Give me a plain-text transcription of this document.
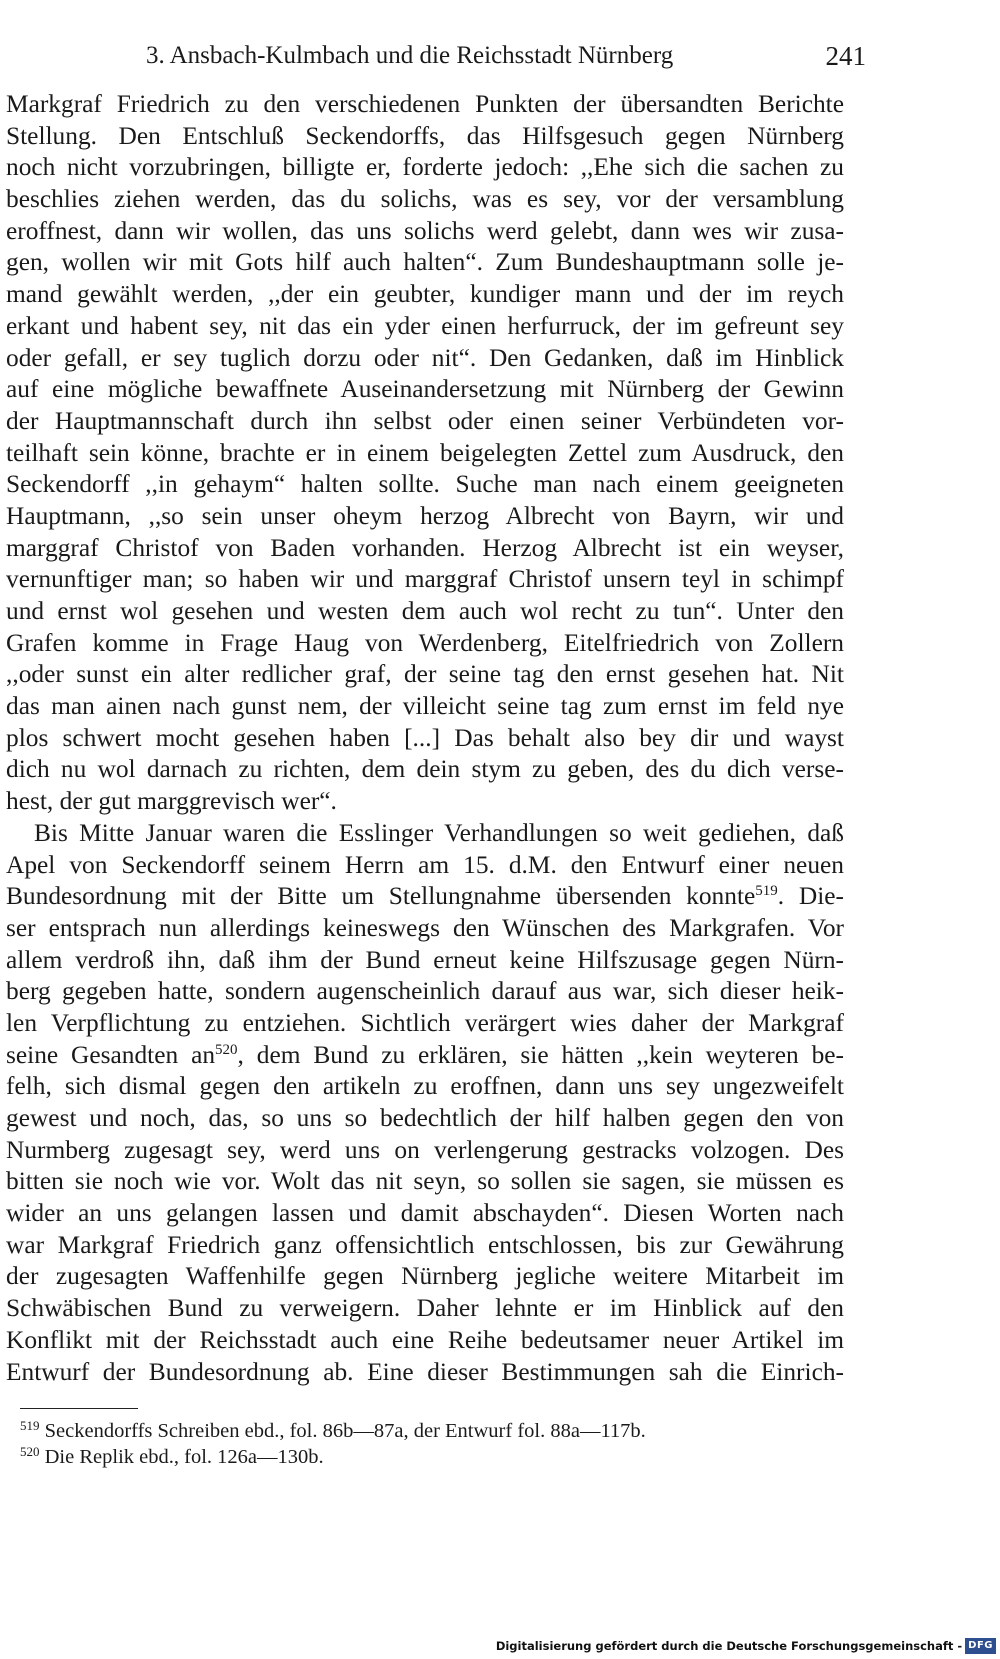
3. Ansbach-Kulmbach und die Reichsstadt Nürnberg	241
Markgraf Friedrich zu den verschiedenen Punkten der übersandten Berichte
Stellung. Den Entschluß Seckendorffs, das Hilfsgesuch gegen Nürnberg
noch nicht vorzubringen, billigte er, forderte jedoch: ,,Ehe sich die sachen zu
beschlies ziehen werden, das du solichs, was es sey, vor der versamblung
eroffnest, dann wir wollen, das uns solichs werd gelebt, dann wes wir zusa-
gen, wollen wir mit Gots hilf auch halten“. Zum Bundeshauptmann solle je-
mand gewählt werden, ,,der ein geubter, kundiger mann und der im reych
erkant und habent sey, nit das ein yder einen herfurruck, der im gefreunt sey
oder gefall, er sey tuglich dorzu oder nit“. Den Gedanken, daß im Hinblick
auf eine mögliche bewaffnete Auseinandersetzung mit Nürnberg der Gewinn
der Hauptmannschaft durch ihn selbst oder einen seiner Verbündeten vor-
teilhaft sein könne, brachte er in einem beigelegten Zettel zum Ausdruck, den
Seckendorff ,,in gehaym“ halten sollte. Suche man nach einem geeigneten
Hauptmann, ,,so sein unser oheym herzog Albrecht von Bayrn, wir und
marggraf Christof von Baden vorhanden. Herzog Albrecht ist ein weyser,
vernunftiger man; so haben wir und marggraf Christof unsern teyl in schimpf
und ernst wol gesehen und westen dem auch wol recht zu tun“. Unter den
Grafen komme in Frage Haug von Werdenberg, Eitelfriedrich von Zollern
,,oder sunst ein alter redlicher graf, der seine tag den ernst gesehen hat. Nit
das man ainen nach gunst nem, der villeicht seine tag zum ernst im feld nye
plos schwert mocht gesehen haben [...] Das behalt also bey dir und wayst
dich nu wol darnach zu richten, dem dein stym zu geben, des du dich verse-
hest, der gut marggrevisch wer“.
Bis Mitte Januar waren die Esslinger Verhandlungen so weit gediehen, daß
Apel von Seckendorff seinem Herrn am 15. d.M. den Entwurf einer neuen
Bundesordnung mit der Bitte um Stellungnahme übersenden konnte$^{519}$. Die-
ser entsprach nun allerdings keineswegs den Wünschen des Markgrafen. Vor
allem verdroß ihn, daß ihm der Bund erneut keine Hilfszusage gegen Nürn-
berg gegeben hatte, sondern augenscheinlich darauf aus war, sich dieser heik-
len Verpflichtung zu entziehen. Sichtlich verärgert wies daher der Markgraf
seine Gesandten $an^{520}$, dem Bund zu erklären, sie hätten ,,kein weyteren be-
felh, sich dismal gegen den artikeln zu eroffnen, dann uns sey ungezweifelt
gewest und noch, das, so uns so bedechtlich der hilf halben gegen den von
Nurmberg zugesagt sey, werd uns on verlengerung gestracks volzogen. Des
bitten sie noch wie vor. Wolt das nit seyn, so sollen sie sagen, sie müssen es
wider an uns gelangen lassen und damit abschayden“. Diesen Worten nach
war Markgraf Friedrich ganz offensichtlich entschlossen, bis zur Gewährung
der zugesagten Waffenhilfe gegen Nürnberg jegliche weitere Mitarbeit im
Schwäbischen Bund zu verweigern. Daher lehnte er im Hinblick auf den
Konflikt mit der Reichsstadt auch eine Reihe bedeutsamer neuer Artikel im
Entwurf der Bundesordnung ab. Eine dieser Bestimmungen sah die Einrich-
$^{519}$ Seckendorffs Schreiben ebd., fol. 86b—87a, der Entwurf fol. 88a—117b.
$^{520}$ Die Replik ebd., fol. 126a—130b.
Digitalisierung gefördert durch die Deutsche Forschungsgemeinschaft - DFG
